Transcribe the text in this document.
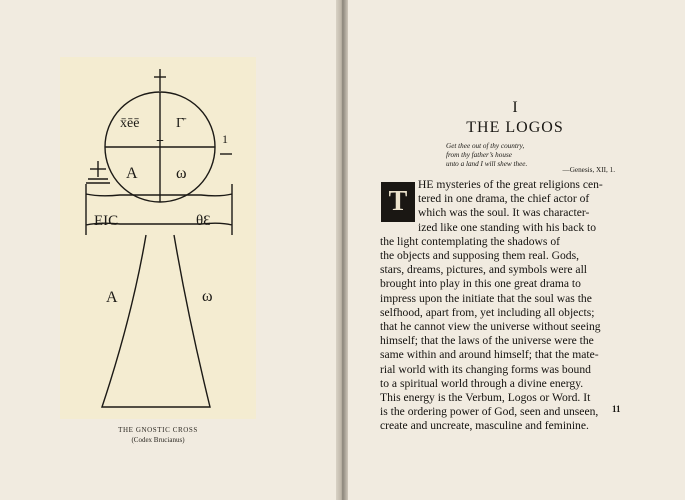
x̄ēē	Γ̄
+
A ω
1
EIC	θƐ
A	ω
THE GNOSTIC CROSS
(Codex Brucianus)
I
THE LOGOS
Get thee out of thy country,
from thy father’s house
unto a land I will shew thee.
—Genesis, XII, 1.
T
HE mysteries of the great religions cen-
tered in one drama, the chief actor of
which was the soul. It was character-
ized like one standing with his back to
the light contemplating the shadows of
the objects and supposing them real. Gods,
stars, dreams, pictures, and symbols were all
brought into play in this one great drama to
impress upon the initiate that the soul was the
selfhood, apart from, yet including all objects;
that he cannot view the universe without seeing
himself; that the laws of the universe were the
same within and around himself; that the mate-
rial world with its changing forms was bound
to a spiritual world through a divine energy.
This energy is the Verbum, Logos or Word. It
is the ordering power of God, seen and unseen,
create and uncreate, masculine and feminine.
11
